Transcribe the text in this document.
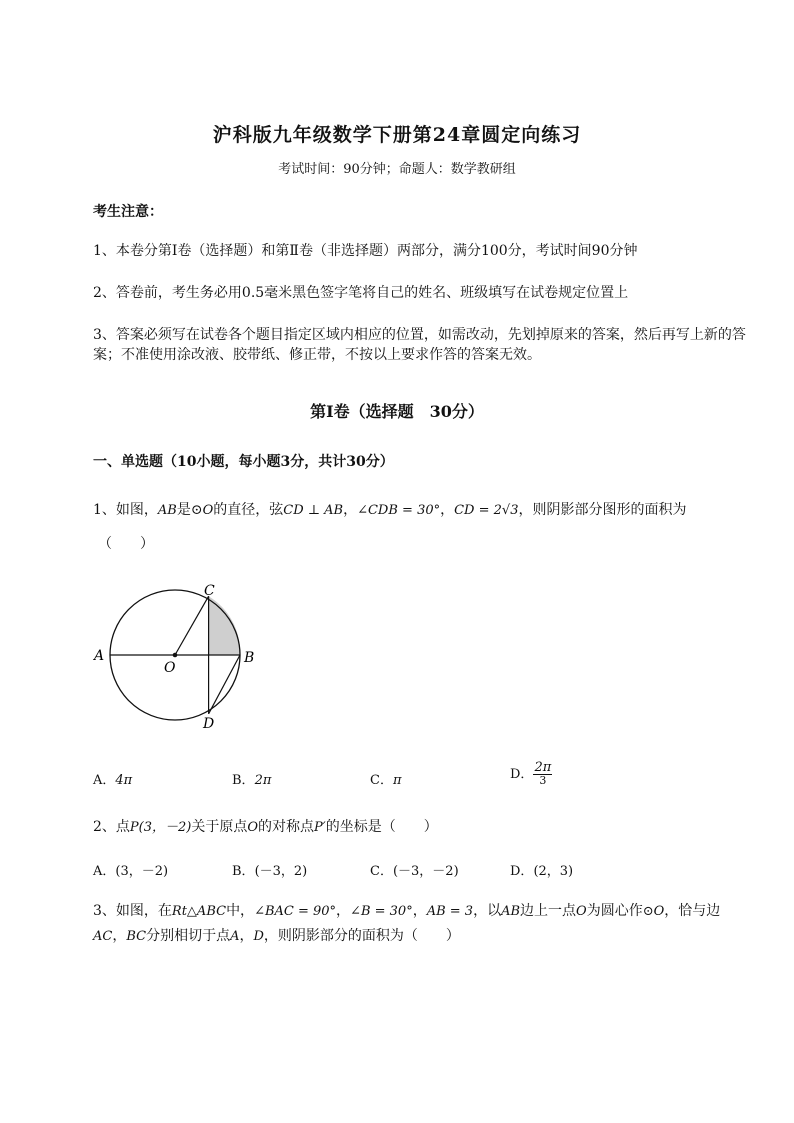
沪科版九年级数学下册第24章圆定向练习
考试时间：90分钟；命题人：数学教研组
考生注意：
1、本卷分第I卷（选择题）和第Ⅱ卷（非选择题）两部分，满分100分，考试时间90分钟
2、答卷前，考生务必用0.5毫米黑色签字笔将自己的姓名、班级填写在试卷规定位置上
3、答案必须写在试卷各个题目指定区域内相应的位置，如需改动，先划掉原来的答案，然后再写上新的答案；不准使用涂改液、胶带纸、修正带，不按以上要求作答的答案无效。
第I卷（选择题　30分）
一、单选题（10小题，每小题3分，共计30分）
1、如图，AB是⊙O的直径，弦CD ⊥ AB，∠CDB = 30°，CD = 2√3，则阴影部分图形的面积为
（　　）
A	B
C
D
O
A．4π	B．2π	C．π	D． $\frac{2\pi}{3}$
2、点P(3，－2)关于原点O的对称点P′的坐标是（　　）
A．(3，－2)	B．(－3，2)	C．(－3，－2)	D．(2，3)
3、如图，在Rt△ABC中，∠BAC = 90°，∠B = 30°，AB = 3，以AB边上一点O为圆心作⊙O，恰与边AC，BC分别相切于点A，D，则阴影部分的面积为（　　）
